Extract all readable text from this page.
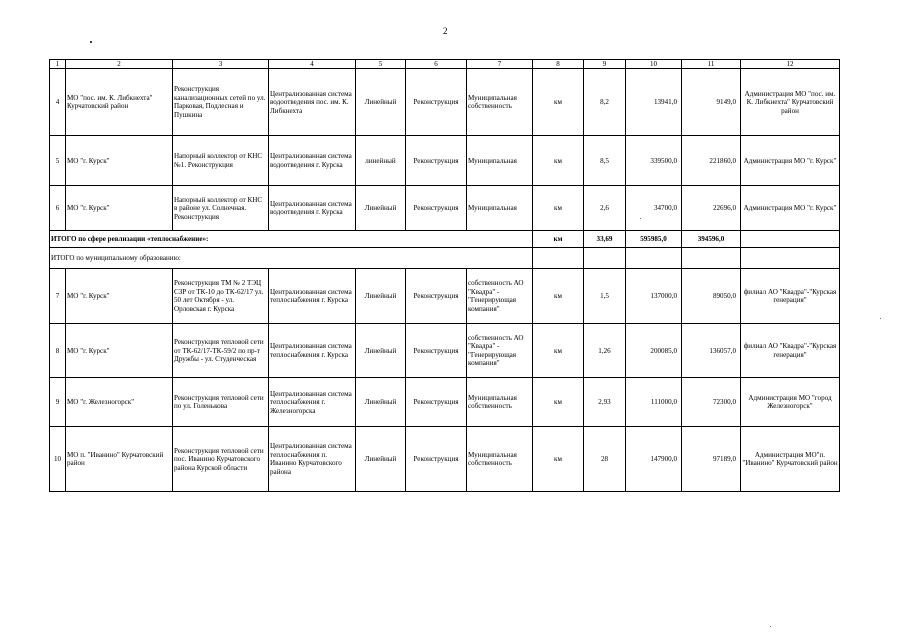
2
1	2	3	4	5	6	7	8	9	10	11	12
4	МО "пос. им. К. Либкнехта" Курчатовский район	Реконструкция канализационных сетей по ул. Парковая, Подлесная и Пушкина	Централизованная система водоотведения пос. им. К. Либкнехта	Линейный	Реконструкция	Муниципальная собственность	км	8,2	13941,0	9149,0	Администрация МО "пос. им. К. Либкнехта" Курчатовский район
5	МО "г. Курск"	Напорный коллектор от КНС №1. Реконструкция	Централизованная система водоотведения г. Курска	линейный	Реконструкция	Муниципальная	км	8,5	339500,0	221860,0	Администрация МО "г. Курск"
6	МО "г. Курск"	Напорный коллектор от КНС в районе ул. Солнечная. Реконструкция	Централизованная система водоотведения г. Курска	Линейный	Реконструкция	Муниципальная	км	2,6	34700,0	22696,0	Администрация МО "г. Курск"
ИТОГО по сфере ревлизации «теплоснабжение»:							км	33,69	595985,0	394596,0	
ИТОГО по муниципальному образованию:											
7	МО "г. Курск"	Реконструкция ТМ № 2 ТЭЦ СЗР от ТК-10 до ТК-62/17 ул. 50 лет Октября - ул. Орловская г. Курска	Централизованная система теплоснабжения г. Курска	Линейный	Реконструкция	собственность АО "Квадра" - "Генерирующая компания"	км	1,5	137000,0	89050,0	филиал АО "Квадра"-"Курская генерация"
8	МО "г. Курск"	Реконструкция тепловой сети от ТК-62/17-ТК-59/2 по пр-т Дружбы - ул. Студенческая	Централизованная система теплоснабжения г. Курска	Линейный	Реконструкция	собственность АО "Квадра" - "Генерирующая компания"	км	1,26	200085,0	136057,0	филиал АО "Квадра"-"Курская генерация"
9	МО "г. Железногорск"	Реконструкция тепловой сети по ул. Голенькова	Централизованная система теплоснабжения г. Железногорска	Линейный	Реконструкция	Муниципальная собственность	км	2,93	111000,0	72300,0	Администрация МО "город Железногорск"
10	МО п. "Иванино" Курчатовский район	Реконструкция тепловой сети пос. Иванино Курчатовского района Курской области	Централизованная система теплоснабжения п. Иванино Курчатовского района	Линейный	Реконструкция	Муниципальная собственность	км	28	147900,0	97189,0	Администрация МО"п. "Иванино" Курчатовский район
